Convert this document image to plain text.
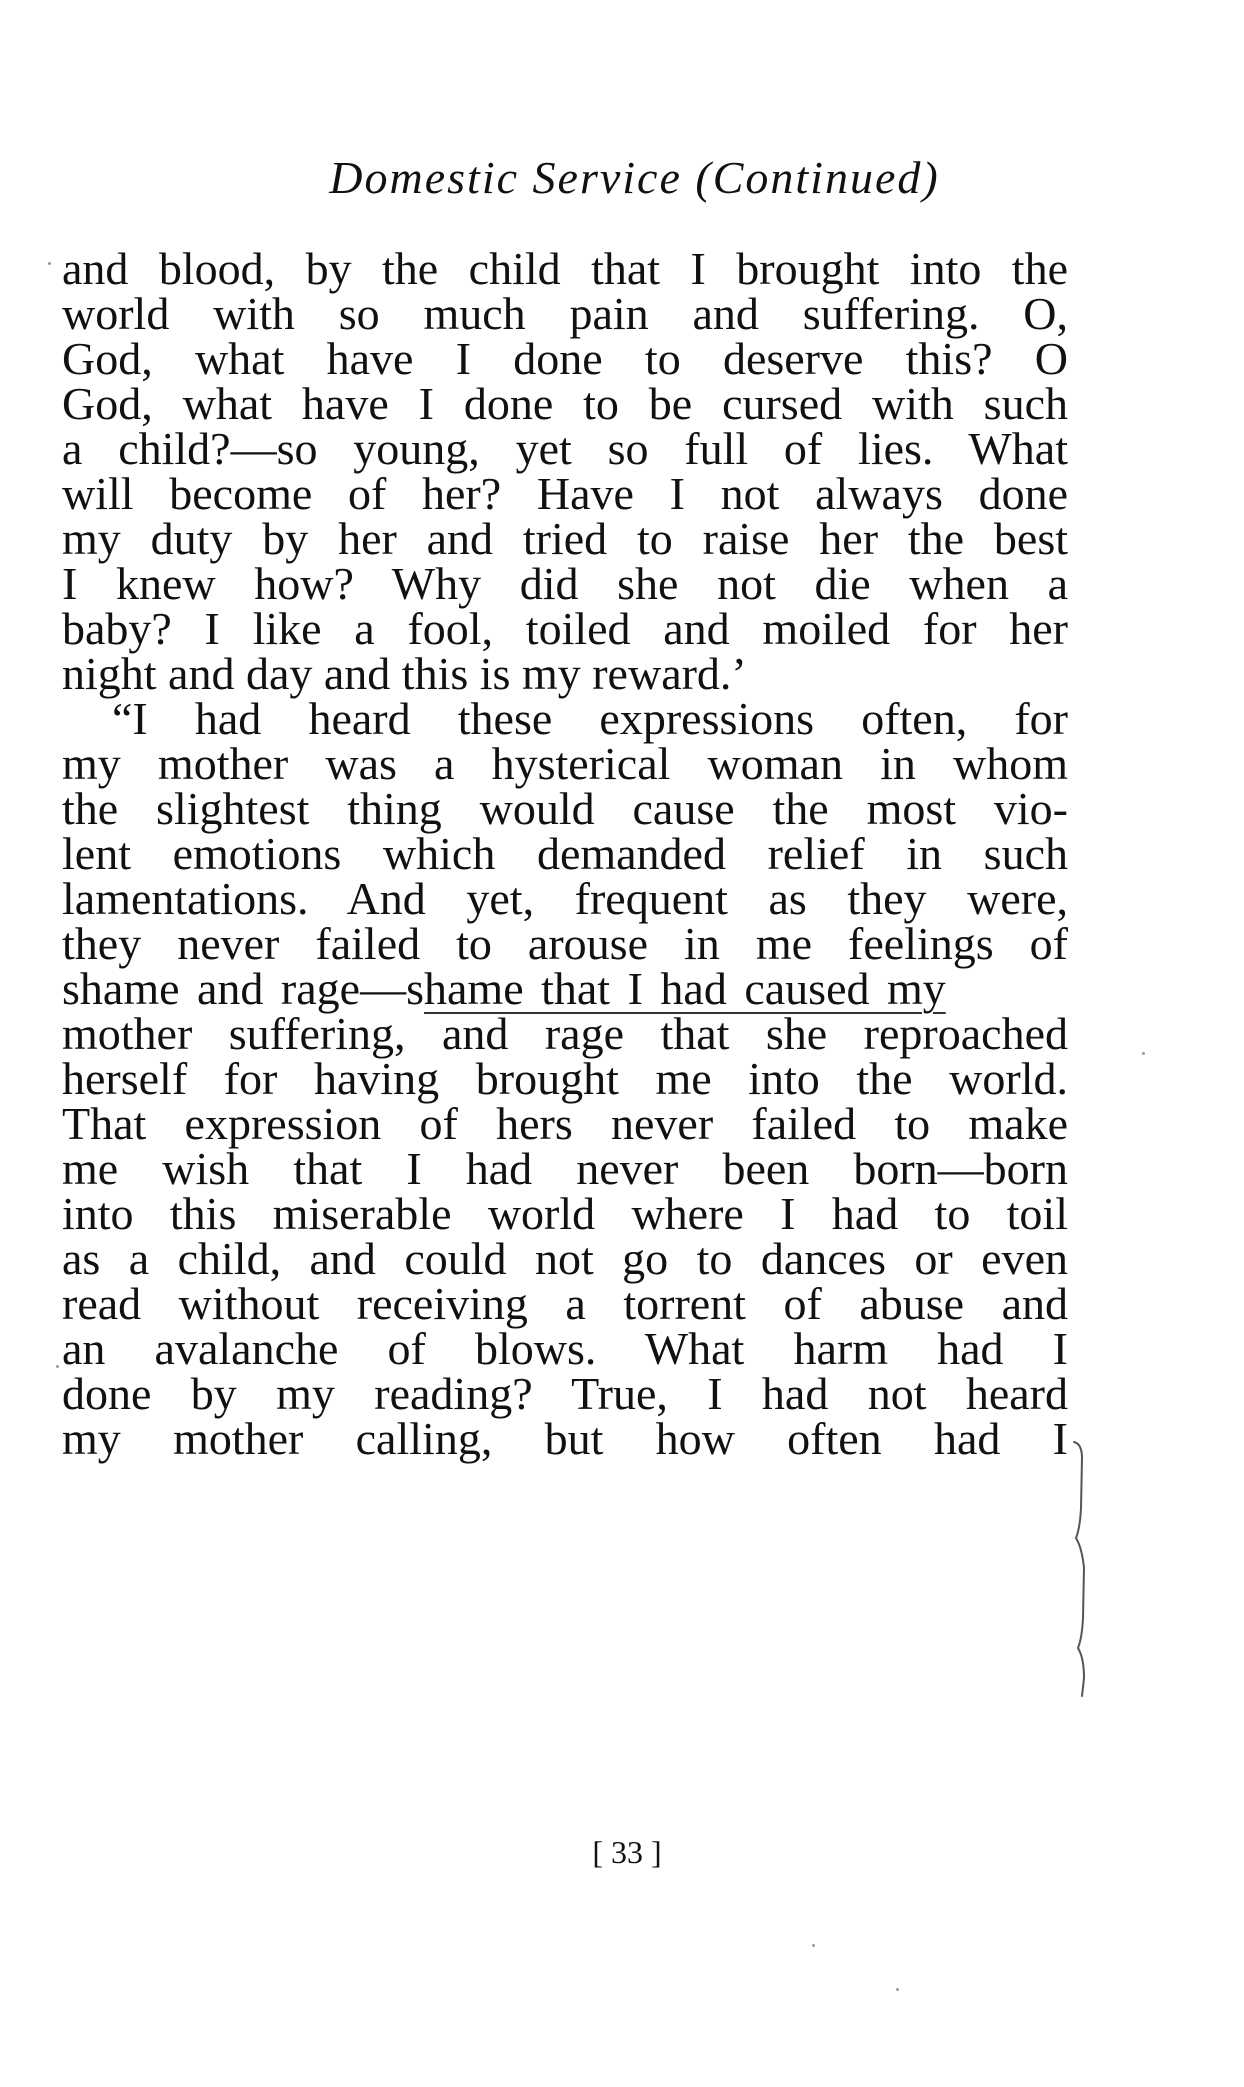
Domestic Service (Continued)
and blood, by the child that I brought into the
world with so much pain and suffering. O,
God, what have I done to deserve this? O
God, what have I done to be cursed with such
a child?—so young, yet so full of lies. What
will become of her? Have I not always done
my duty by her and tried to raise her the best
I knew how? Why did she not die when a
baby? I like a fool, toiled and moiled for her
night and day and this is my reward.’
“I had heard these expressions often, for
my mother was a hysterical woman in whom
the slightest thing would cause the most vio-
lent emotions which demanded relief in such
lamentations. And yet, frequent as they were,
they never failed to arouse in me feelings of
shame and rage—shame that I had caused my
mother suffering, and rage that she reproached
herself for having brought me into the world.
That expression of hers never failed to make
me wish that I had never been born—born
into this miserable world where I had to toil
as a child, and could not go to dances or even
read without receiving a torrent of abuse and
an avalanche of blows. What harm had I
done by my reading? True, I had not heard
my mother calling, but how often had I
[ 33 ]
